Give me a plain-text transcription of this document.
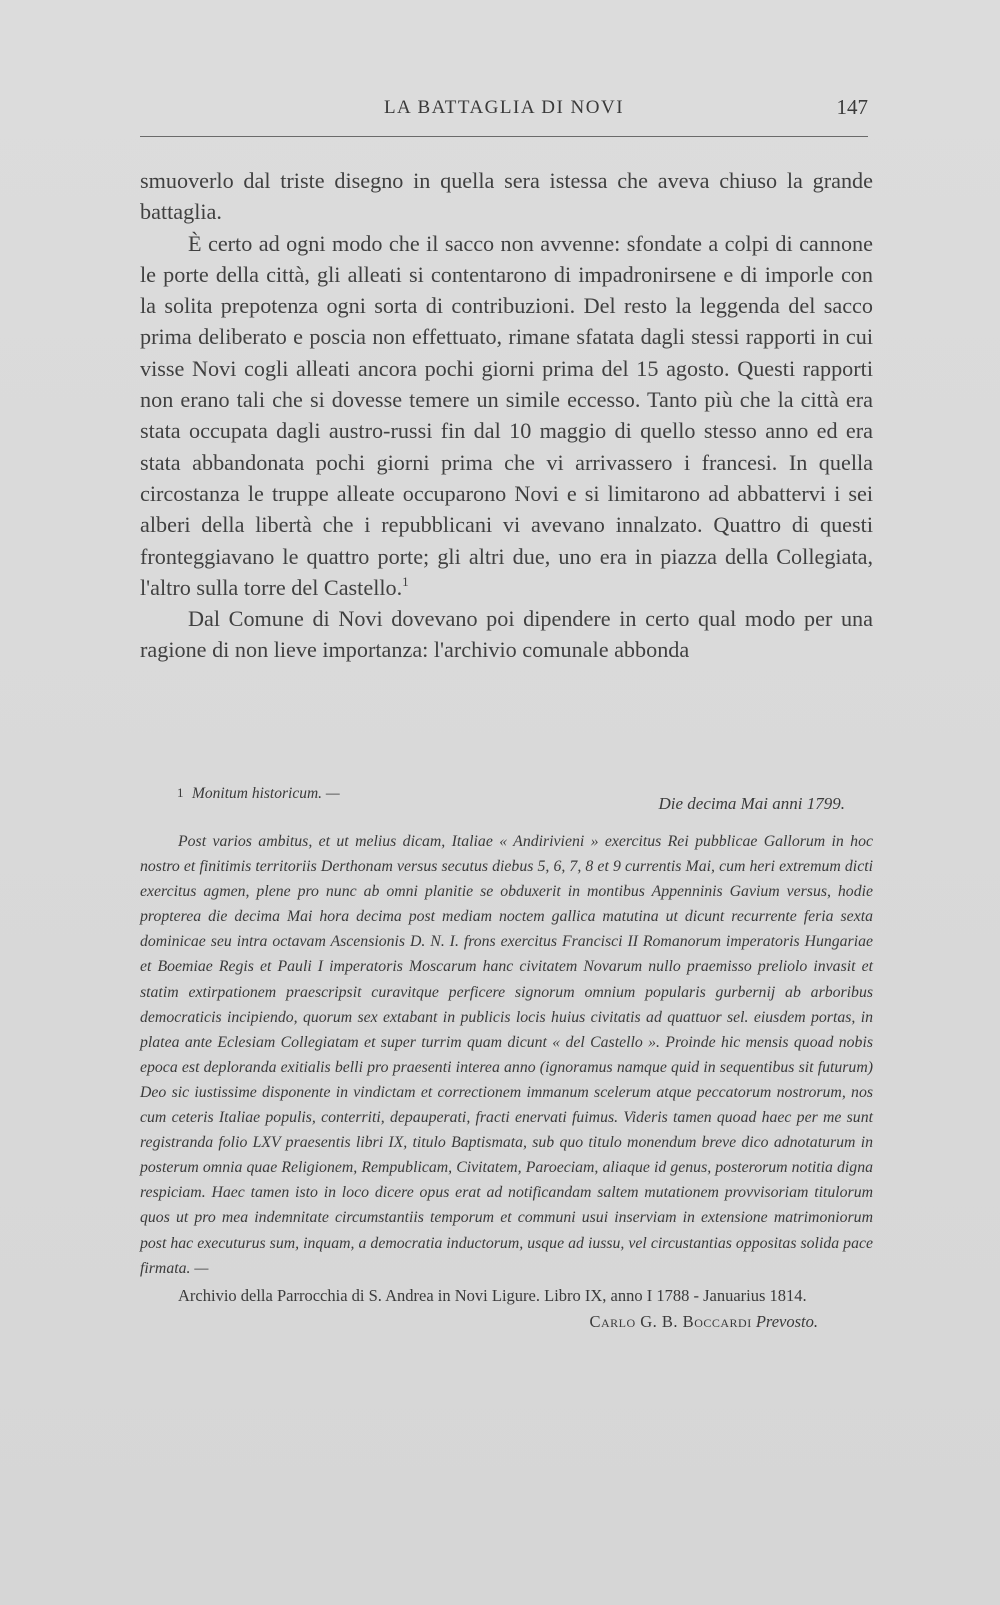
LA BATTAGLIA DI NOVI	147

smuoverlo dal triste disegno in quella sera istessa che aveva chiuso la grande battaglia.

È certo ad ogni modo che il sacco non avvenne: sfondate a colpi di cannone le porte della città, gli alleati si contentarono di impadronirsene e di imporle con la solita prepotenza ogni sorta di contribuzioni. Del resto la leggenda del sacco prima deliberato e poscia non effettuato, rimane sfatata dagli stessi rapporti in cui visse Novi cogli alleati ancora pochi giorni prima del 15 agosto. Questi rapporti non erano tali che si dovesse temere un simile eccesso. Tanto più che la città era stata occupata dagli austro-russi fin dal 10 maggio di quello stesso anno ed era stata abbandonata pochi giorni prima che vi arrivassero i francesi. In quella circostanza le truppe alleate occuparono Novi e si limitarono ad abbattervi i sei alberi della libertà che i repubblicani vi avevano innalzato. Quattro di questi fronteggiavano le quattro porte; gli altri due, uno era in piazza della Collegiata, l'altro sulla torre del Castello.$^1$

Dal Comune di Novi dovevano poi dipendere in certo qual modo per una ragione di non lieve importanza: l'archivio comunale abbonda

1 Monitum historicum. —
Die decima Mai anni 1799.

Post varios ambitus, et ut melius dicam, Italiae « Andirivieni » exercitus Rei pubblicae Gallorum in hoc nostro et finitimis territoriis Derthonam versus secutus diebus 5, 6, 7, 8 et 9 currentis Mai, cum heri extremum dicti exercitus agmen, plene pro nunc ab omni planitie se obduxerit in montibus Appenninis Gavium versus, hodie propterea die decima Mai hora decima post mediam noctem gallica matutina ut dicunt recurrente feria sexta dominicae seu intra octavam Ascensionis D. N. I. frons exercitus Francisci II Romanorum imperatoris Hungariae et Boemiae Regis et Pauli I imperatoris Moscarum hanc civitatem Novarum nullo praemisso preliolo invasit et statim extirpationem praescripsit curavitque perficere signorum omnium popularis gurbernij ab arboribus democraticis incipiendo, quorum sex extabant in publicis locis huius civitatis ad quattuor sel. eiusdem portas, in platea ante Eclesiam Collegiatam et super turrim quam dicunt « del Castello ». Proinde hic mensis quoad nobis epoca est deploranda exitialis belli pro praesenti interea anno (ignoramus namque quid in sequentibus sit futurum) Deo sic iustissime disponente in vindictam et correctionem immanum scelerum atque peccatorum nostrorum, nos cum ceteris Italiae populis, conterriti, depauperati, fracti enervati fuimus. Videris tamen quoad haec per me sunt registranda folio LXV praesentis libri IX, titulo Baptismata, sub quo titulo monendum breve dico adnotaturum in posterum omnia quae Religionem, Rempublicam, Civitatem, Paroeciam, aliaque id genus, posterorum notitia digna respiciam. Haec tamen isto in loco dicere opus erat ad notificandam saltem mutationem provvisoriam titulorum quos ut pro mea indemnitate circumstantiis temporum et communi usui inserviam in extensione matrimoniorum post hac executurus sum, inquam, a democratia inductorum, usque ad iussu, vel circustantias oppositas solida pace firmata. —

Archivio della Parrocchia di S. Andrea in Novi Ligure. Libro IX, anno I 1788 - Januarius 1814.

Carlo G. B. Boccardi Prevosto.
